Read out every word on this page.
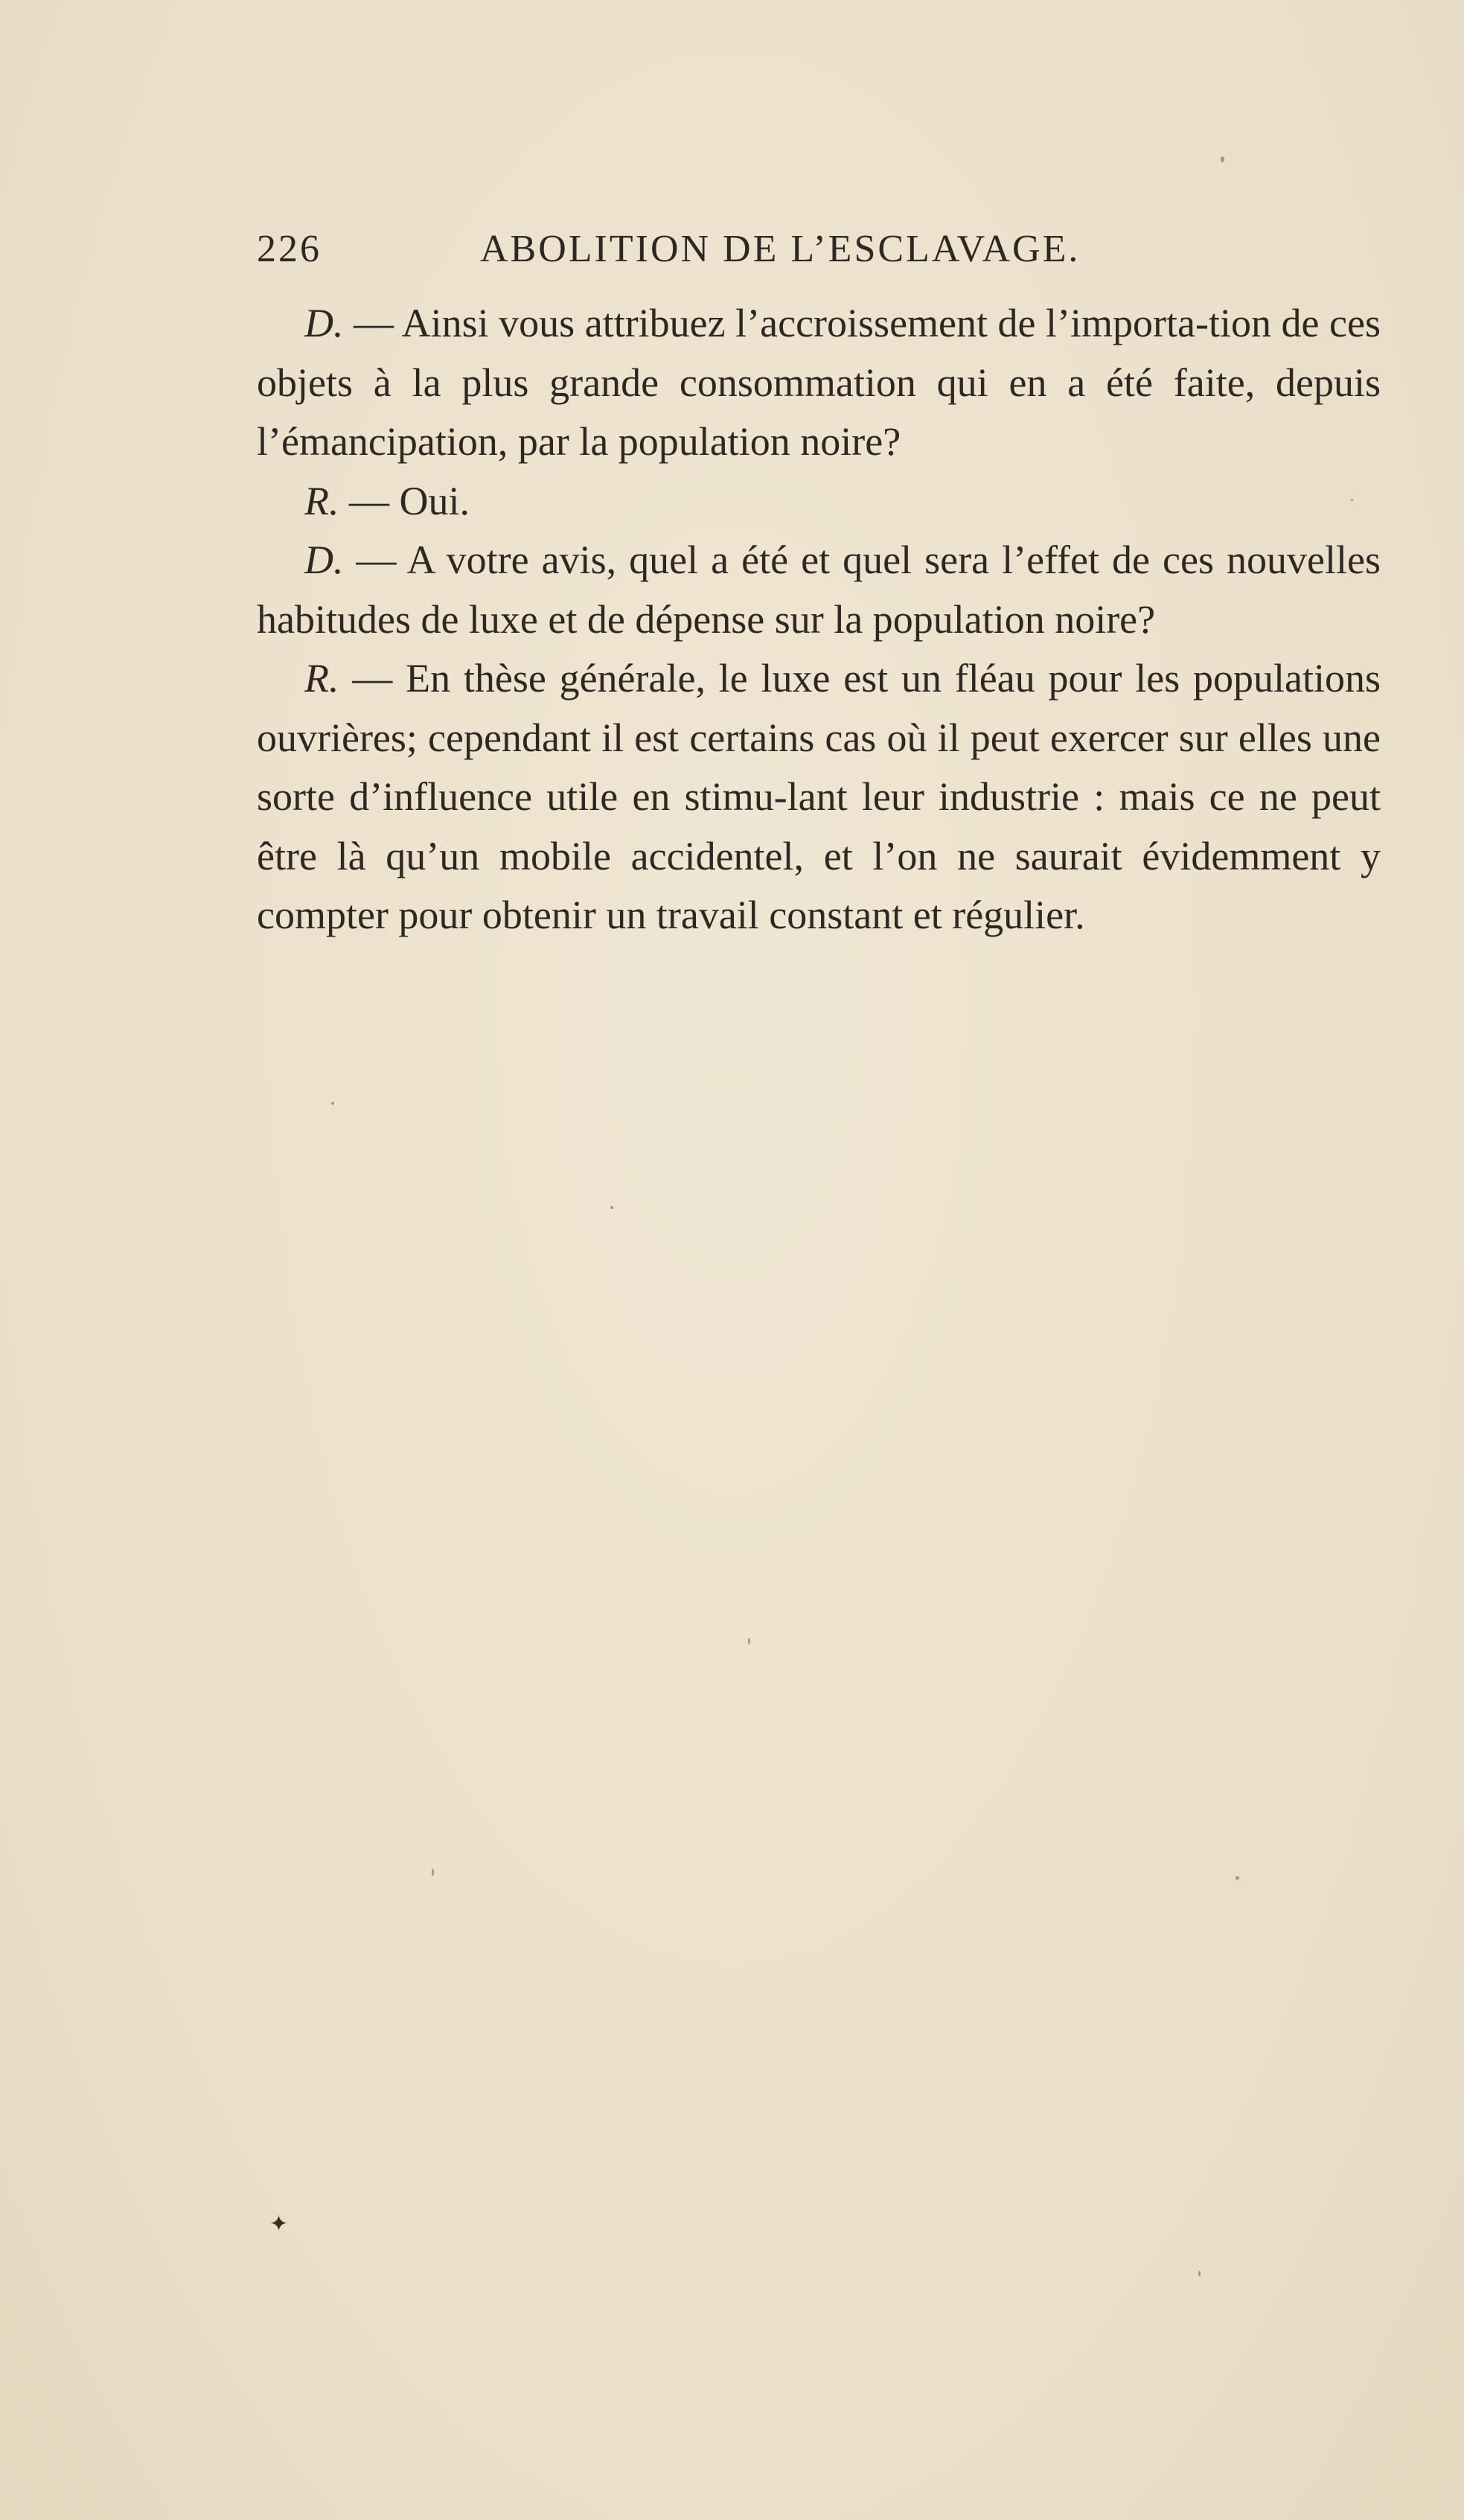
226	ABOLITION DE L’ESCLAVAGE.

D. — Ainsi vous attribuez l’accroissement de l’importa-tion de ces objets à la plus grande consommation qui en a été faite, depuis l’émancipation, par la population noire?

R. — Oui.

D. — A votre avis, quel a été et quel sera l’effet de ces nouvelles habitudes de luxe et de dépense sur la population noire?

R. — En thèse générale, le luxe est un fléau pour les populations ouvrières; cependant il est certains cas où il peut exercer sur elles une sorte d’influence utile en stimu-lant leur industrie : mais ce ne peut être là qu’un mobile accidentel, et l’on ne saurait évidemment y compter pour obtenir un travail constant et régulier.

✦
